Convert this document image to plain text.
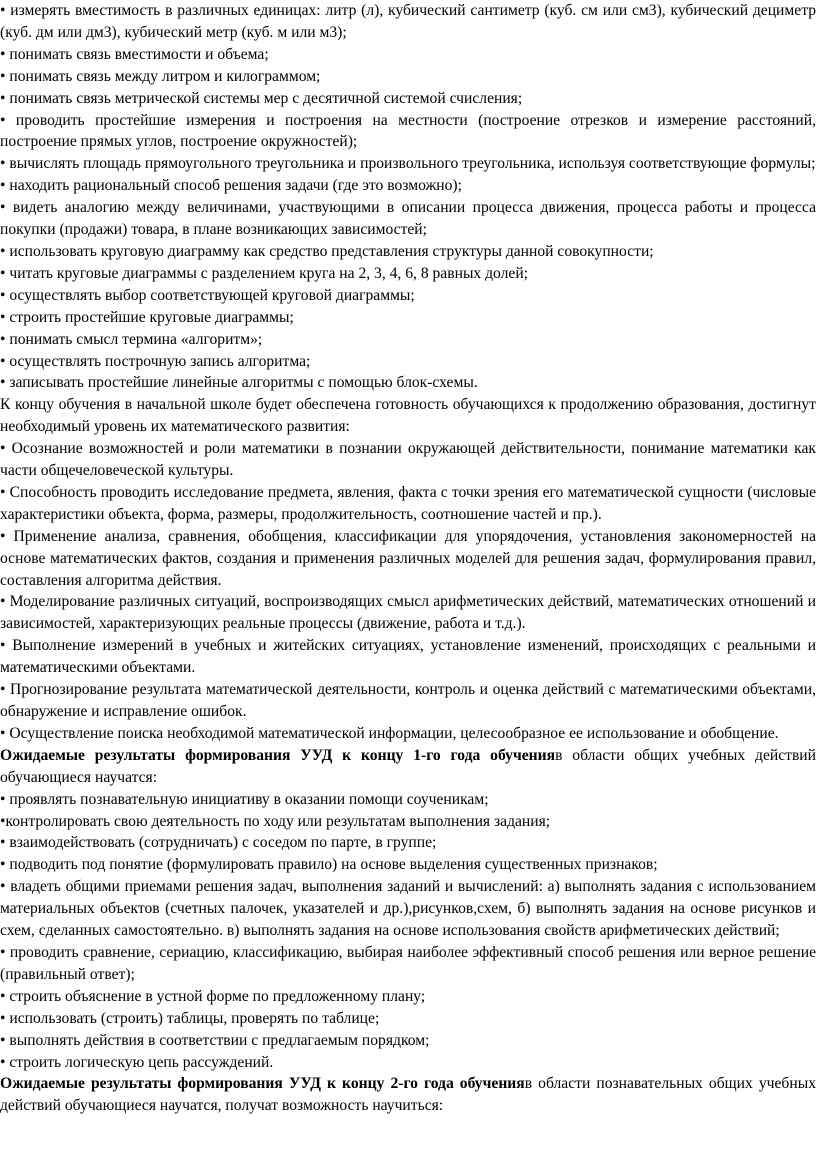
• измерять вместимость в различных единицах: литр (л), кубический сантиметр (куб. см или см3), кубический дециметр (куб. дм или дм3), кубический метр (куб. м или м3);

• понимать связь вместимости и объема;

• понимать связь между литром и килограммом;

• понимать связь метрической системы мер с десятичной системой счисления;

• проводить простейшие измерения и построения на местности (построение отрезков и измерение расстояний, построение прямых углов, построение окружностей);

• вычислять площадь прямоугольного треугольника и произвольного треугольника, используя соответствующие формулы;

• находить рациональный способ решения задачи (где это возможно);

• видеть аналогию между величинами, участвующими в описании процесса движения, процесса работы и процесса покупки (продажи) товара, в плане возникающих зависимостей;

• использовать круговую диаграмму как средство представления структуры данной совокупности;

• читать круговые диаграммы с разделением круга на 2, 3, 4, 6, 8 равных долей;

• осуществлять выбор соответствующей круговой диаграммы;

• строить простейшие круговые диаграммы;

• понимать смысл термина «алгоритм»;

• осуществлять построчную запись алгоритма;

• записывать простейшие линейные алгоритмы с помощью блок-схемы.

К концу обучения в начальной школе будет обеспечена готовность обучающихся к продолжению образования, достигнут необходимый уровень их математического развития:

• Осознание возможностей и роли математики в познании окружающей действительности, понимание математики как части общечеловеческой культуры.

• Способность проводить исследование предмета, явления, факта с точки зрения его математической сущности (числовые характеристики объекта, форма, размеры, продолжительность, соотношение частей и пр.).

• Применение анализа, сравнения, обобщения, классификации для упорядочения, установления закономерностей на основе математических фактов, создания и применения различных моделей для решения задач, формулирования правил, составления алгоритма действия.

• Моделирование различных ситуаций, воспроизводящих смысл арифметических действий, математических отношений и зависимостей, характеризующих реальные процессы (движение, работа и т.д.).

• Выполнение измерений в учебных и житейских ситуациях, установление изменений, происходящих с реальными и математическими объектами.

• Прогнозирование результата математической деятельности, контроль и оценка действий с математическими объектами, обнаружение и исправление ошибок.

• Осуществление поиска необходимой математической информации, целесообразное ее использование и обобщение.

Ожидаемые результаты формирования УУД к концу 1-го года обученияв области общих учебных действий обучающиеся научатся:

• проявлять познавательную инициативу в оказании помощи соученикам;

•контролировать свою деятельность по ходу или результатам выполнения задания;

• взаимодействовать (сотрудничать) с соседом по парте, в группе;

• подводить под понятие (формулировать правило) на основе выделения существенных признаков;

• владеть общими приемами решения задач, выполнения заданий и вычислений: а) выполнять задания с использованием материальных объектов (счетных палочек, указателей и др.),рисунков,схем, б) выполнять задания на основе рисунков и схем, сделанных самостоятельно. в) выполнять задания на основе использования свойств арифметических действий;

• проводить сравнение, сериацию, классификацию, выбирая наиболее эффективный способ решения или верное решение (правильный ответ);

• строить объяснение в устной форме по предложенному плану;

• использовать (строить) таблицы, проверять по таблице;

• выполнять действия в соответствии с предлагаемым порядком;

• строить логическую цепь рассуждений.

Ожидаемые результаты формирования УУД к концу 2-го года обученияв области познавательных общих учебных действий обучающиеся научатся, получат возможность научиться:
